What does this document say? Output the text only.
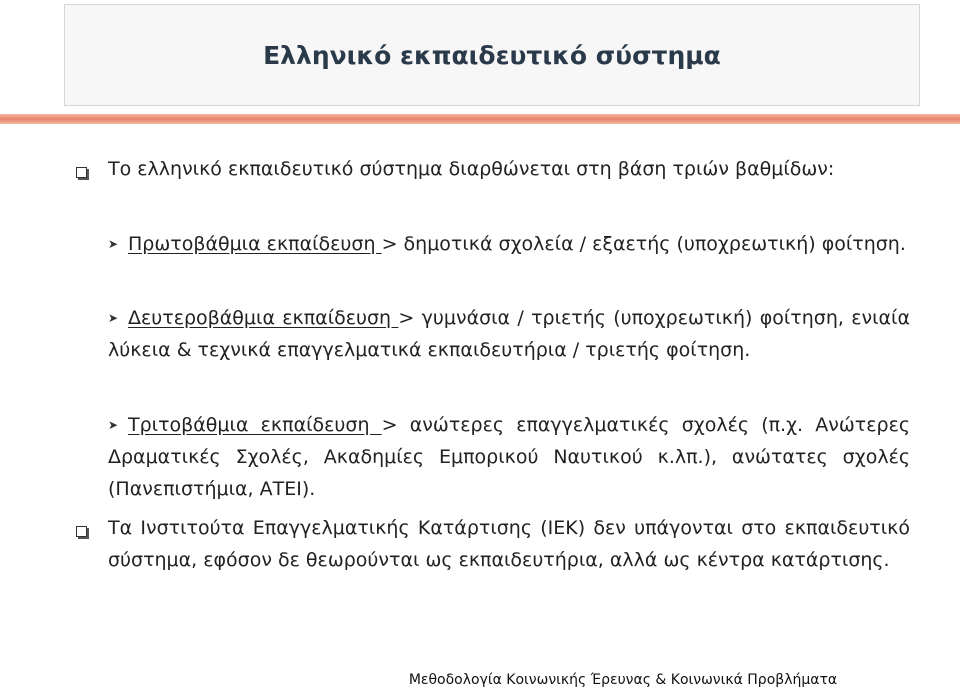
Ελληνικό εκπαιδευτικό σύστημα
Το ελληνικό εκπαιδευτικό σύστημα διαρθώνεται στη βάση τριών βαθμίδων:
➤ Πρωτοβάθμια εκπαίδευση > δημοτικά σχολεία / εξαετής (υποχρεωτική) φοίτηση.
➤ Δευτεροβάθμια εκπαίδευση > γυμνάσια / τριετής (υποχρεωτική) φοίτηση, ενιαία λύκεια & τεχνικά επαγγελματικά εκπαιδευτήρια / τριετής φοίτηση.
➤ Τριτοβάθμια εκπαίδευση > ανώτερες επαγγελματικές σχολές (π.χ. Ανώτερες Δραματικές Σχολές, Ακαδημίες Εμπορικού Ναυτικού κ.λπ.), ανώτατες σχολές (Πανεπιστήμια, ΑΤΕΙ).
Τα Ινστιτούτα Επαγγελματικής Κατάρτισης (ΙΕΚ) δεν υπάγονται στο εκπαιδευτικό σύστημα, εφόσον δε θεωρούνται ως εκπαιδευτήρια, αλλά ως κέντρα κατάρτισης.
Μεθοδολογία Κοινωνικής Έρευνας & Κοινωνικά Προβλήματα
